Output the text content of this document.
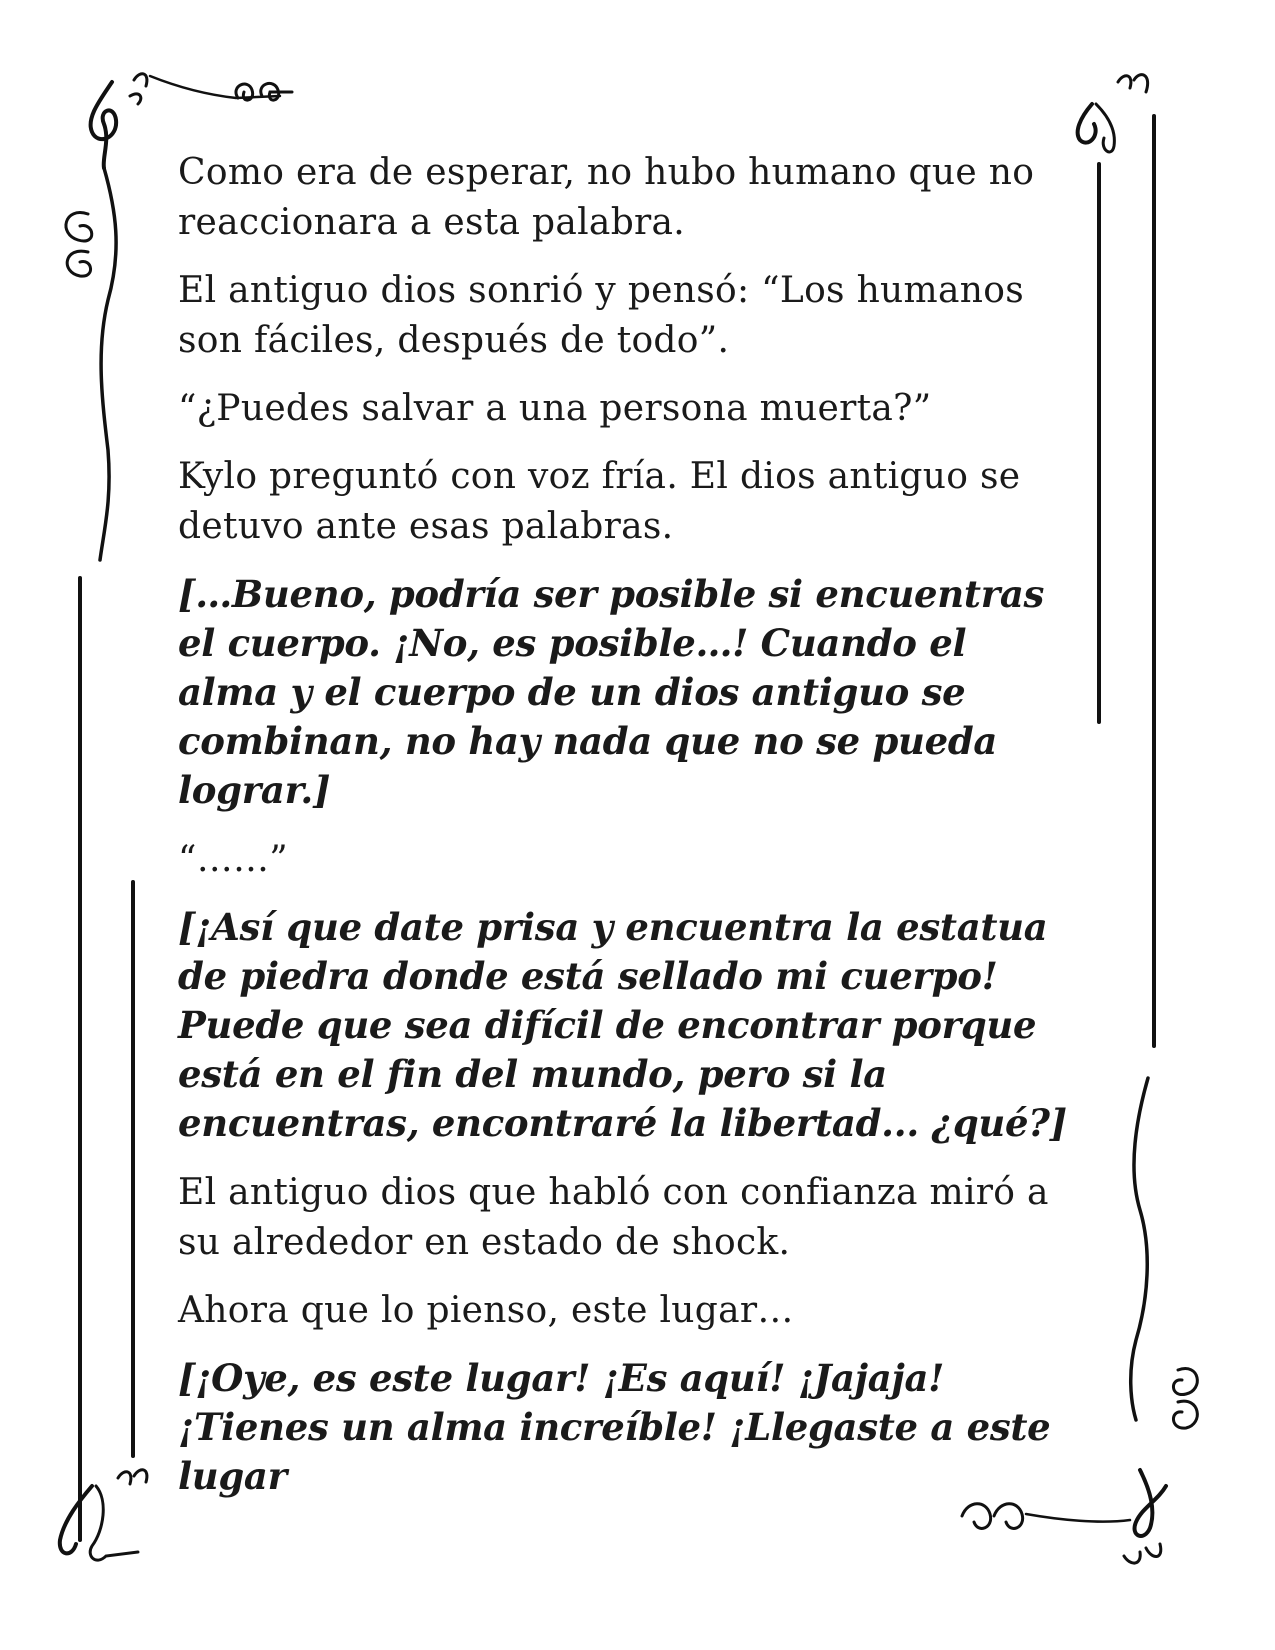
Como era de esperar, no hubo humano que no reaccionara a esta palabra.

El antiguo dios sonrió y pensó: “Los humanos son fáciles, después de todo”.

“¿Puedes salvar a una persona muerta?”

Kylo preguntó con voz fría. El dios antiguo se detuvo ante esas palabras.

[…Bueno, podría ser posible si encuentras el cuerpo. ¡No, es posible…! Cuando el alma y el cuerpo de un dios antiguo se combinan, no hay nada que no se pueda lograr.]

“……”

[¡Así que date prisa y encuentra la estatua de piedra donde está sellado mi cuerpo! Puede que sea difícil de encontrar porque está en el fin del mundo, pero si la encuentras, encontraré la libertad... ¿qué?]

El antiguo dios que habló con confianza miró a su alrededor en estado de shock.

Ahora que lo pienso, este lugar…

[¡Oye, es este lugar! ¡Es aquí! ¡Jajaja! ¡Tienes un alma increíble! ¡Llegaste a este lugar
